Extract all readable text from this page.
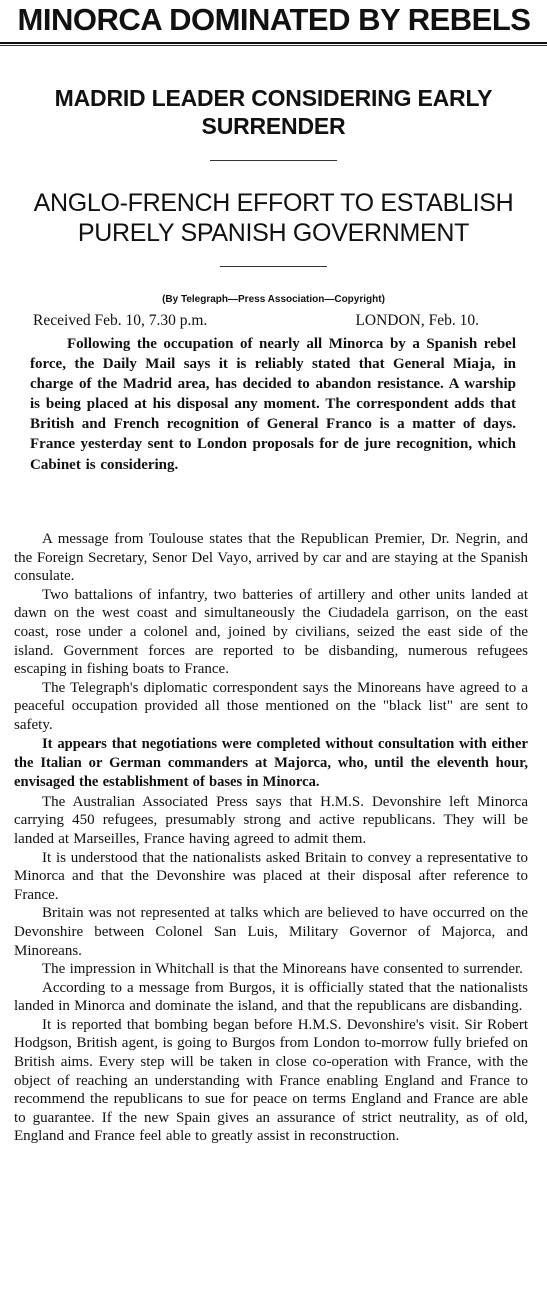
MINORCA DOMINATED BY REBELS
MADRID LEADER CONSIDERING EARLY SURRENDER
ANGLO-FRENCH EFFORT TO ESTABLISH PURELY SPANISH GOVERNMENT
(By Telegraph—Press Association—Copyright)
Received Feb. 10, 7.30 p.m.	LONDON, Feb. 10.

Following the occupation of nearly all Minorca by a Spanish rebel force, the Daily Mail says it is reliably stated that General Miaja, in charge of the Madrid area, has decided to abandon resistance. A warship is being placed at his disposal any moment. The correspondent adds that British and French recognition of General Franco is a matter of days. France yesterday sent to London proposals for de jure recognition, which Cabinet is considering.

A message from Toulouse states that the Republican Premier, Dr. Negrin, and the Foreign Secretary, Senor Del Vayo, arrived by car and are staying at the Spanish consulate.

Two battalions of infantry, two batteries of artillery and other units landed at dawn on the west coast and simultaneously the Ciudadela garrison, on the east coast, rose under a colonel and, joined by civilians, seized the east side of the island. Government forces are reported to be disbanding, numerous refugees escaping in fishing boats to France.

The Telegraph's diplomatic correspondent says the Minoreans have agreed to a peaceful occupation provided all those mentioned on the "black list" are sent to safety.

It appears that negotiations were completed without consultation with either the Italian or German commanders at Majorca, who, until the eleventh hour, envisaged the establishment of bases in Minorca.

The Australian Associated Press says that H.M.S. Devonshire left Minorca carrying 450 refugees, presumably strong and active republicans. They will be landed at Marseilles, France having agreed to admit them.

It is understood that the nationalists asked Britain to convey a representative to Minorca and that the Devonshire was placed at their disposal after reference to France.

Britain was not represented at talks which are believed to have occurred on the Devonshire between Colonel San Luis, Military Governor of Majorca, and Minoreans.

The impression in Whitchall is that the Minoreans have consented to surrender.

According to a message from Burgos, it is officially stated that the nationalists landed in Minorca and dominate the island, and that the republicans are disbanding.

It is reported that bombing began before H.M.S. Devonshire's visit. Sir Robert Hodgson, British agent, is going to Burgos from London to-morrow fully briefed on British aims. Every step will be taken in close co-operation with France, with the object of reaching an understanding with France enabling England and France to recommend the republicans to sue for peace on terms England and France are able to guarantee. If the new Spain gives an assurance of strict neutrality, as of old, England and France feel able to greatly assist in reconstruction.
